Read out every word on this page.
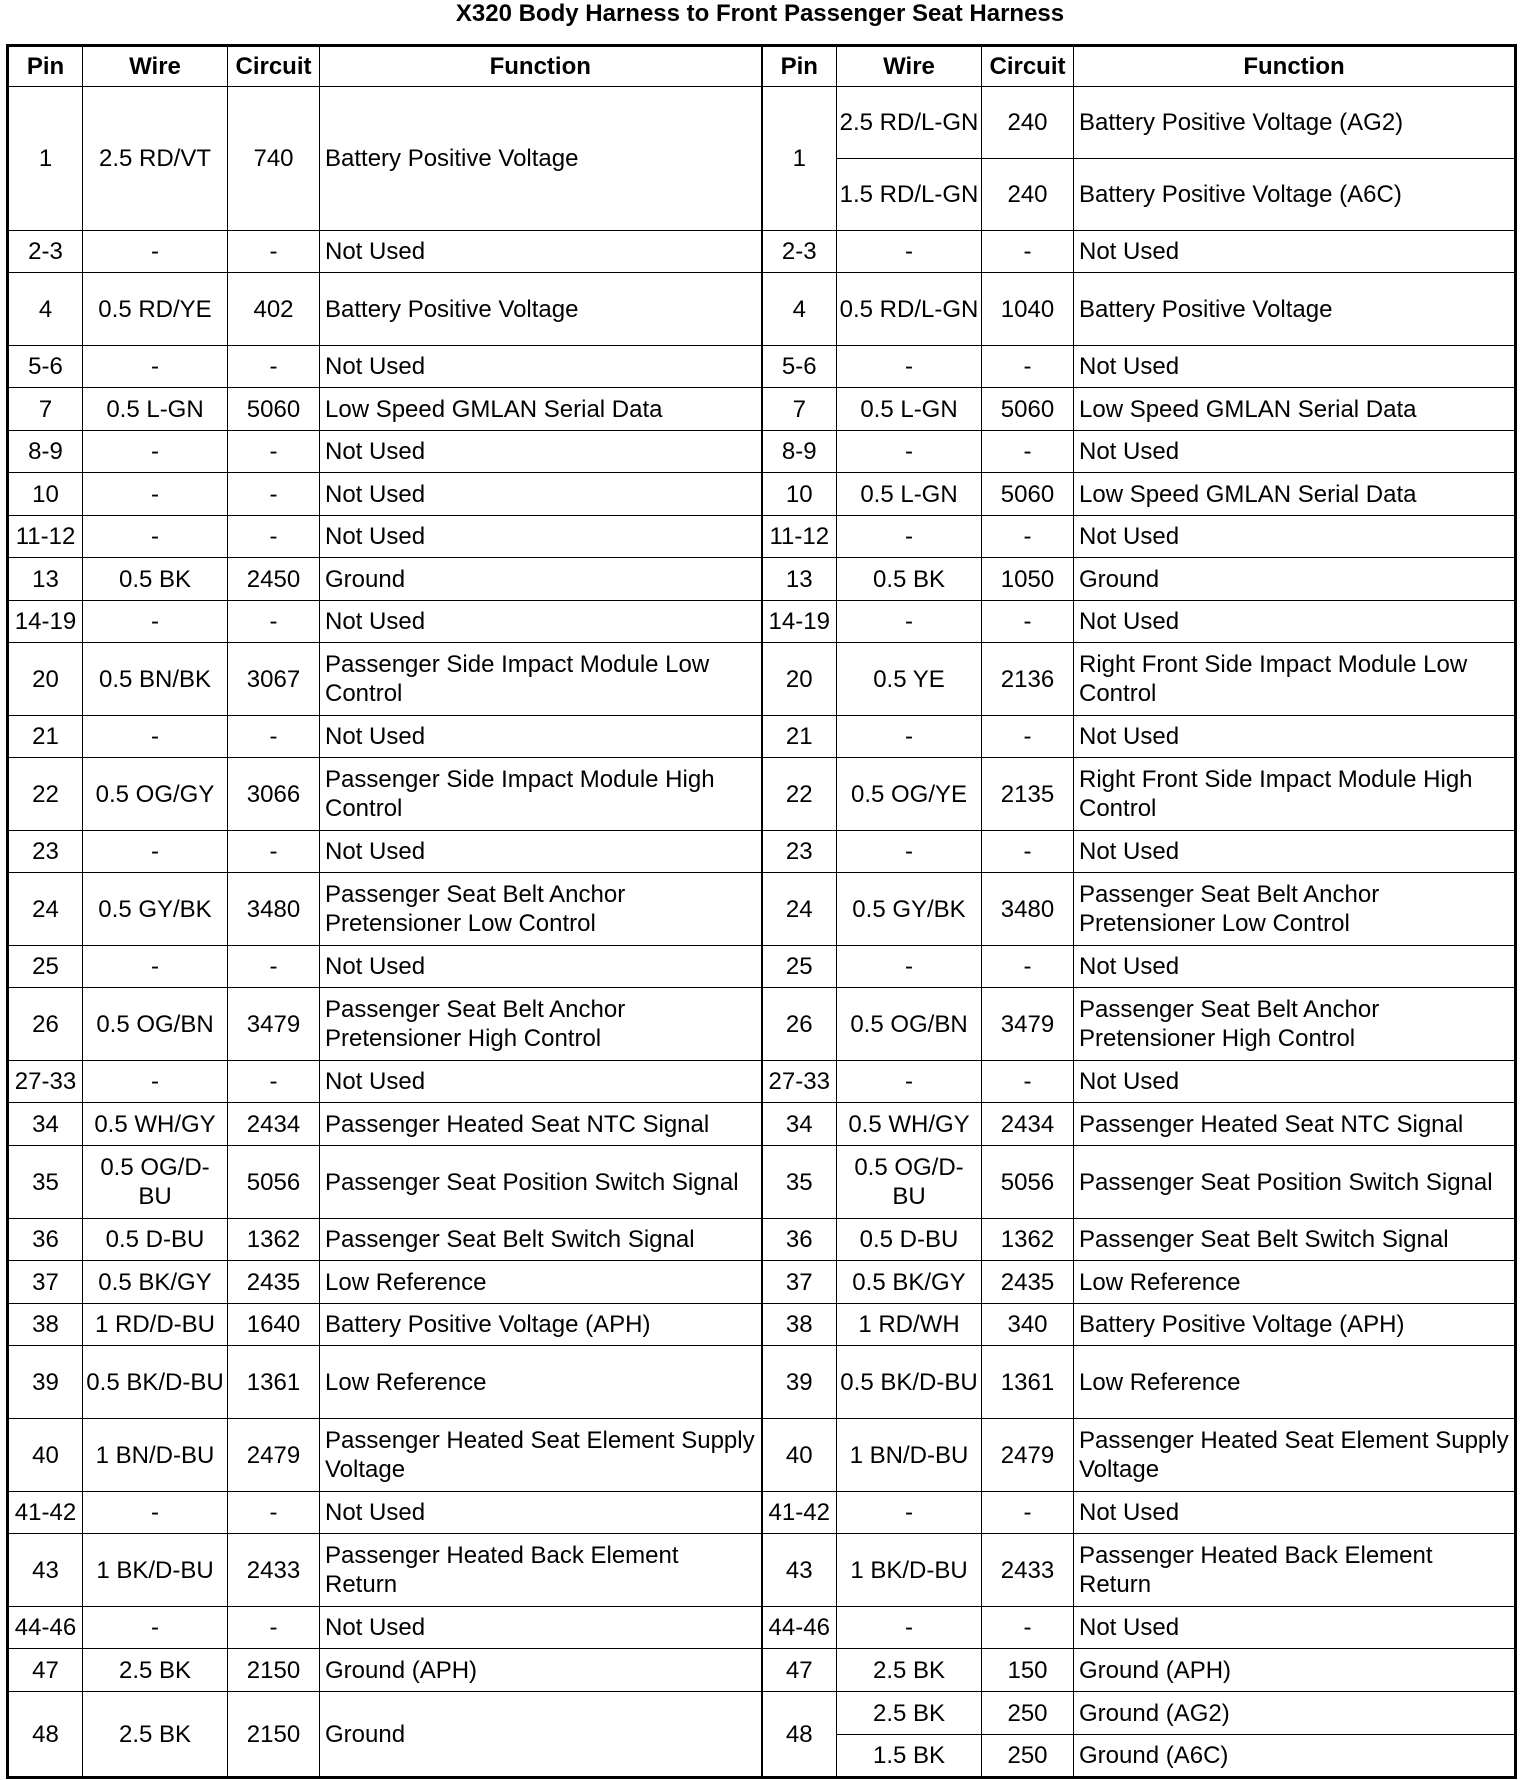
X320 Body Harness to Front Passenger Seat Harness
Pin	Wire	Circuit	Function	Pin	Wire	Circuit	Function
1	2.5 RD/VT	740	Battery Positive Voltage	1	2.5 RD/L-GN	240	Battery Positive Voltage (AG2)
					1.5 RD/L-GN	240	Battery Positive Voltage (A6C)
2-3	-	-	Not Used	2-3	-	-	Not Used
4	0.5 RD/YE	402	Battery Positive Voltage	4	0.5 RD/L-GN	1040	Battery Positive Voltage
5-6	-	-	Not Used	5-6	-	-	Not Used
7	0.5 L-GN	5060	Low Speed GMLAN Serial Data	7	0.5 L-GN	5060	Low Speed GMLAN Serial Data
8-9	-	-	Not Used	8-9	-	-	Not Used
10	-	-	Not Used	10	0.5 L-GN	5060	Low Speed GMLAN Serial Data
11-12	-	-	Not Used	11-12	-	-	Not Used
13	0.5 BK	2450	Ground	13	0.5 BK	1050	Ground
14-19	-	-	Not Used	14-19	-	-	Not Used
20	0.5 BN/BK	3067	Passenger Side Impact Module Low Control	20	0.5 YE	2136	Right Front Side Impact Module Low Control
21	-	-	Not Used	21	-	-	Not Used
22	0.5 OG/GY	3066	Passenger Side Impact Module High Control	22	0.5 OG/YE	2135	Right Front Side Impact Module High Control
23	-	-	Not Used	23	-	-	Not Used
24	0.5 GY/BK	3480	Passenger Seat Belt Anchor Pretensioner Low Control	24	0.5 GY/BK	3480	Passenger Seat Belt Anchor Pretensioner Low Control
25	-	-	Not Used	25	-	-	Not Used
26	0.5 OG/BN	3479	Passenger Seat Belt Anchor Pretensioner High Control	26	0.5 OG/BN	3479	Passenger Seat Belt Anchor Pretensioner High Control
27-33	-	-	Not Used	27-33	-	-	Not Used
34	0.5 WH/GY	2434	Passenger Heated Seat NTC Signal	34	0.5 WH/GY	2434	Passenger Heated Seat NTC Signal
35	0.5 OG/D-BU	5056	Passenger Seat Position Switch Signal	35	0.5 OG/D-BU	5056	Passenger Seat Position Switch Signal
36	0.5 D-BU	1362	Passenger Seat Belt Switch Signal	36	0.5 D-BU	1362	Passenger Seat Belt Switch Signal
37	0.5 BK/GY	2435	Low Reference	37	0.5 BK/GY	2435	Low Reference
38	1 RD/D-BU	1640	Battery Positive Voltage (APH)	38	1 RD/WH	340	Battery Positive Voltage (APH)
39	0.5 BK/D-BU	1361	Low Reference	39	0.5 BK/D-BU	1361	Low Reference
40	1 BN/D-BU	2479	Passenger Heated Seat Element Supply Voltage	40	1 BN/D-BU	2479	Passenger Heated Seat Element Supply Voltage
41-42	-	-	Not Used	41-42	-	-	Not Used
43	1 BK/D-BU	2433	Passenger Heated Back Element Return	43	1 BK/D-BU	2433	Passenger Heated Back Element Return
44-46	-	-	Not Used	44-46	-	-	Not Used
47	2.5 BK	2150	Ground (APH)	47	2.5 BK	150	Ground (APH)
48	2.5 BK	2150	Ground	48	2.5 BK	250	Ground (AG2)
					1.5 BK	250	Ground (A6C)
